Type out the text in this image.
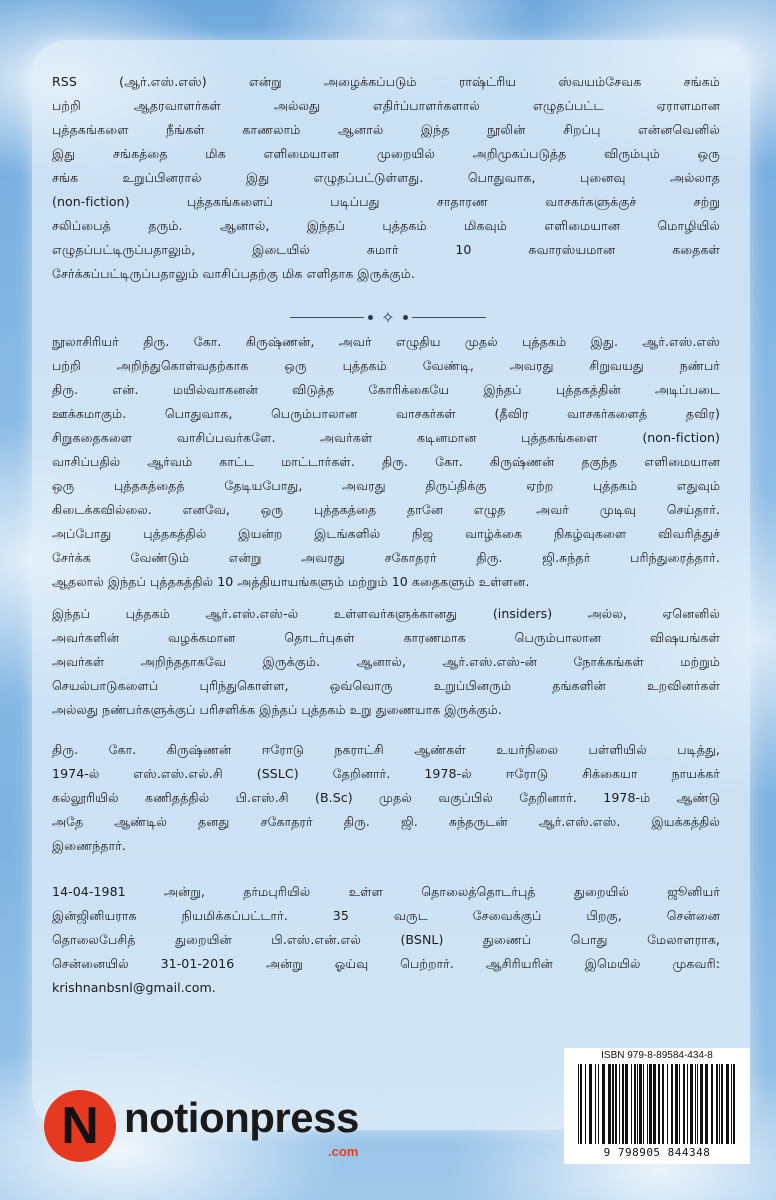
RSS (ஆர்.எஸ்.எஸ்) என்று அழைக்கப்படும் ராஷ்ட்ரிய ஸ்வயம்சேவக சங்கம்
பற்றி ஆதரவாளர்கள் அல்லது எதிர்ப்பாளர்களால் எழுதப்பட்ட ஏராளமான
புத்தகங்களை நீங்கள் காணலாம் ஆனால் இந்த நூலின் சிறப்பு என்னவெனில்
இது சங்கத்தை மிக எளிமையான முறையில் அறிமுகப்படுத்த விரும்பும் ஒரு
சங்க உறுப்பினரால் இது எழுதப்பட்டுள்ளது. பொதுவாக, புனைவு அல்லாத
(non-fiction) புத்தகங்களைப் படிப்பது சாதாரண வாசகர்களுக்குச் சற்று
சலிப்பைத் தரும். ஆனால், இந்தப் புத்தகம் மிகவும் எளிமையான மொழியில்
எழுதப்பட்டிருப்பதாலும், இடையில் சுமார் 10 சுவாரஸ்யமான கதைகள்
சேர்க்கப்பட்டிருப்பதாலும் வாசிப்பதற்கு மிக எளிதாக இருக்கும்.
✧
நூலாசிரியர் திரு. கோ. கிருஷ்ணன், அவர் எழுதிய முதல் புத்தகம் இது. ஆர்.எஸ்.எஸ்
பற்றி அறிந்துகொள்வதற்காக ஒரு புத்தகம் வேண்டி, அவரது சிறுவயது நண்பர்
திரு. என். மயில்வாகனன் விடுத்த கோரிக்கையே இந்தப் புத்தகத்தின் அடிப்படை
ஊக்கமாகும். பொதுவாக, பெரும்பாலான வாசகர்கள் (தீவிர வாசகர்களைத் தவிர)
சிறுகதைகளை வாசிப்பவர்களே. அவர்கள் கடினமான புத்தகங்களை (non-fiction)
வாசிப்பதில் ஆர்வம் காட்ட மாட்டார்கள். திரு. கோ. கிருஷ்ணன் தகுந்த எளிமையான
ஒரு புத்தகத்தைத் தேடியபோது, அவரது திருப்திக்கு ஏற்ற புத்தகம் எதுவும்
கிடைக்கவில்லை. எனவே, ஒரு புத்தகத்தை தானே எழுத அவர் முடிவு செய்தார்.
அப்போது புத்தகத்தில் இயன்ற இடங்களில் நிஜ வாழ்க்கை நிகழ்வுகளை விவரித்துச்
சேர்க்க வேண்டும் என்று அவரது சகோதரர் திரு. ஜி.சுந்தர் பரிந்துரைத்தார்.
ஆதலால் இந்தப் புத்தகத்தில் 10 அத்தியாயங்களும் மற்றும் 10 கதைகளும் உள்ளன.
இந்தப் புத்தகம் ஆர்.எஸ்.எஸ்-ல் உள்ளவர்களுக்கானது (insiders) அல்ல, ஏனெனில்
அவர்களின் வழக்கமான தொடர்புகள் காரணமாக பெரும்பாலான விஷயங்கள்
அவர்கள் அறிந்ததாகவே இருக்கும். ஆனால், ஆர்.எஸ்.எஸ்-ன் நோக்கங்கள் மற்றும்
செயல்பாடுகளைப் புரிந்துகொள்ள, ஒவ்வொரு உறுப்பினரும் தங்களின் உறவினர்கள்
அல்லது நண்பர்களுக்குப் பரிசளிக்க இந்தப் புத்தகம் உறு துணையாக இருக்கும்.
திரு. கோ. கிருஷ்ணன் ஈரோடு நகராட்சி ஆண்கள் உயர்நிலை பள்ளியில் படித்து,
1974-ல் எஸ்.எஸ்.எல்.சி (SSLC) தேறினார். 1978-ல் ஈரோடு சிக்கையா நாயக்கர்
கல்லூரியில் கணிதத்தில் பி.எஸ்.சி (B.Sc) முதல் வகுப்பில் தேறினார். 1978-ம் ஆண்டு
அதே ஆண்டில் தனது சகோதரர் திரு. ஜி. சுந்தருடன் ஆர்.எஸ்.எஸ். இயக்கத்தில்
இணைந்தார்.
14-04-1981 அன்று, தர்மபுரியில் உள்ள தொலைத்தொடர்புத் துறையில் ஜூனியர்
இன்ஜினியராக நியமிக்கப்பட்டார். 35 வருட சேவைக்குப் பிறகு, சென்னை
தொலைபேசித் துறையின் பி.எஸ்.என்.எல் (BSNL) துணைப் பொது மேலாளராக,
சென்னையில் 31-01-2016 அன்று ஓய்வு பெற்றார். ஆசிரியரின் இமெயில் முகவரி:
krishnanbsnl@gmail.com.
N notionpress
.com
ISBN 979-8-89584-434-8
9 798905 844348
